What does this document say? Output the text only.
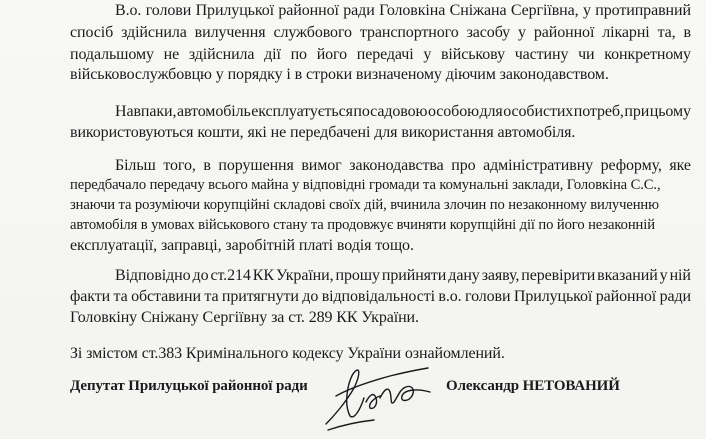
В.о. голови Прилуцької районної ради Головкіна Сніжана Сергіївна, у протиправний
спосіб здійснила вилучення службового транспортного засобу у районної лікарні та, в
подальшому не здійснила дії по його передачі у військову частину чи конкретному
військовослужбовцю у порядку і в строки визначеному діючим законодавством.
Навпаки, автомобіль експлуатується посадовою особою для особистих потреб, при цьому
використовуються кошти, які не передбачені для використання автомобіля.
Більш того, в порушення вимог законодавства про адміністративну реформу, яке
передбачало передачу всього майна у відповідні громади та комунальні заклади, Головкіна С.С.,
знаючи та розуміючи корупційні складові своїх дій, вчинила злочин по незаконному вилученню
автомобіля в умовах військового стану та продовжує вчиняти корупційні дії по його незаконній
експлуатації, заправці, заробітній платі водія тощо.
Відповідно до ст.214 КК України, прошу прийняти дану заяву, перевірити вказаний у ній
факти та обставини та притягнути до відповідальності в.о. голови Прилуцької районної ради
Головкіну Сніжану Сергіївну за ст. 289 КК України.
Зі змістом ст.383 Кримінального кодексу України ознайомлений.
Депутат Прилуцької районної ради	Олександр НЕТОВАНИЙ
